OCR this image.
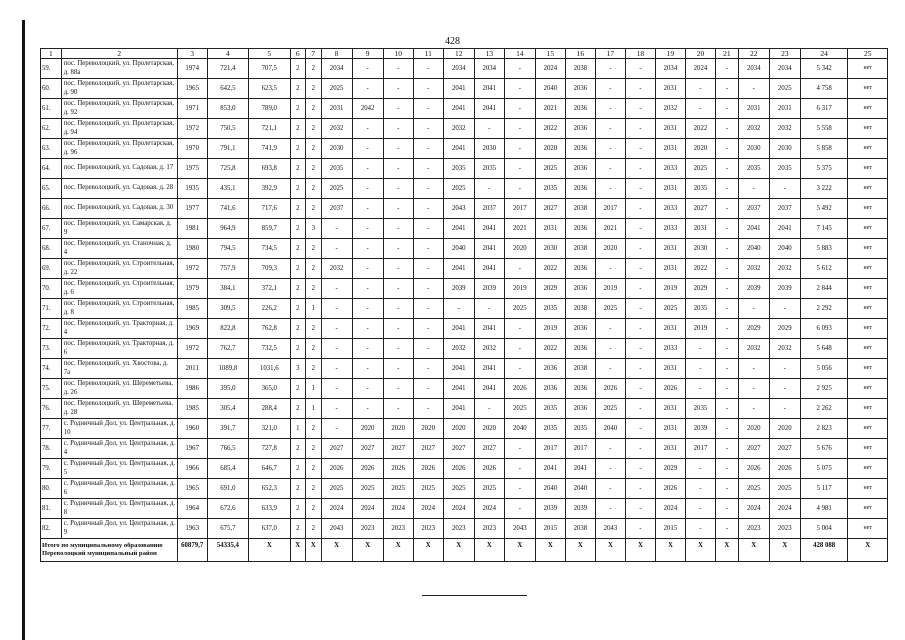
428
1	2	3	4	5	6	7	8	9	10	11	12	13	14	15	16	17	18	19	20	21	22	23	24	25
59.	пос. Переволоцкий, ул. Пролетарская, д. 88а	1974	721,4	707,5	2	2	2034	-	-	-	2034	2034	-	2024	2038	-	-	2034	2024	-	2034	2034	5 342	нет
60.	пос. Переволоцкий, ул. Пролетарская, д. 90	1965	642,5	623,5	2	2	2025	-	-	-	2041	2041	-	2040	2036	-	-	2031	-	-	-	2025	4 758	нет
61.	пос. Переволоцкий, ул. Пролетарская, д. 92	1971	853,0	789,0	2	2	2031	2042	-	-	2041	2041	-	2021	2036	-	-	2032	-	-	2031	2031	6 317	нет
62.	пос. Переволоцкий, ул. Пролетарская, д. 94	1972	750,5	721,1	2	2	2032	-	-	-	2032	-	-	2022	2036	-	-	2031	2022	-	2032	2032	5 558	нет
63.	пос. Переволоцкий, ул. Пролетарская, д. 96	1970	791,1	741,9	2	2	2030	-	-	-	2041	2030	-	2020	2036	-	-	2031	2020	-	2030	2030	5 858	нет
64.	пос. Переволоцкий, ул. Садовая, д. 17	1975	725,8	693,8	2	2	2035	-	-	-	2035	2035	-	2025	2036	-	-	2033	2025	-	2035	2035	5 375	нет
65.	пос. Переволоцкий, ул. Садовая, д. 28	1935	435,1	392,9	2	2	2025	-	-	-	2025	-	-	2035	2036	-	-	2031	2035	-	-	-	3 222	нет
66.	пос. Переволоцкий, ул. Садовая, д. 30	1977	741,6	717,6	2	2	2037	-	-	-	2043	2037	2017	2027	2038	2017	-	2033	2027	-	2037	2037	5 492	нет
67.	пос. Переволоцкий, ул. Самарская, д. 9	1981	964,9	859,7	2	3	-	-	-	-	2041	2041	2021	2031	2036	2021	-	2033	2031	-	2041	2041	7 145	нет
68.	пос. Переволоцкий, ул. Станочная, д. 4	1980	794,5	734,5	2	2	-	-	-	-	2040	2041	2020	2030	2038	2020	-	2031	2030	-	2040	2040	5 883	нет
69.	пос. Переволоцкий, ул. Строительная, д. 22	1972	757,9	709,3	2	2	2032	-	-	-	2041	2041	-	2022	2036	-	-	2031	2022	-	2032	2032	5 612	нет
70.	пос. Переволоцкий, ул. Строительная, д. 6	1979	384,1	372,1	2	2	-	-	-	-	2039	2039	2019	2029	2036	2019	-	2019	2029	-	2039	2039	2 844	нет
71.	пос. Переволоцкий, ул. Строительная, д. 8	1985	309,5	226,2	2	1	-	-	-	-	-	-	2025	2035	2038	2025	-	2025	2035	-	-	-	2 292	нет
72.	пос. Переволоцкий, ул. Тракторная, д. 4	1969	822,8	762,8	2	2	-	-	-	-	2041	2041	-	2019	2036	-	-	2031	2019	-	2029	2029	6 093	нет
73.	пос. Переволоцкий, ул. Тракторная, д. 6	1972	762,7	732,5	2	2	-	-	-	-	2032	2032	-	2022	2036	-	-	2033	-	-	2032	2032	5 648	нет
74.	пос. Переволоцкий, ул. Хвостова, д. 7а	2011	1089,8	1031,6	3	2	-	-	-	-	2041	2041	-	2036	2038	-	-	2031	-	-	-	-	5 056	нет
75.	пос. Переволоцкий, ул. Шереметьева, д. 26	1986	395,0	365,0	2	1	-	-	-	-	2041	2041	2026	2036	2036	2026	-	2026	-	-	-	-	2 925	нет
76.	пос. Переволоцкий, ул. Шереметьева, д. 28	1985	305,4	288,4	2	1	-	-	-	-	2041	-	2025	2035	2036	2025	-	2031	2035	-	-	-	2 262	нет
77.	с. Родничный Дол, ул. Центральная, д. 10	1960	391,7	321,0	1	2	-	2020	2020	2020	2020	2020	2040	2035	2035	2040	-	2031	2039	-	2020	2020	2 823	нет
78.	с. Родничный Дол, ул. Центральная, д. 4	1967	766,5	727,8	2	2	2027	2027	2027	2027	2027	2027	-	2017	2017	-	-	2031	2017	-	2027	2027	5 676	нет
79.	с. Родничный Дол, ул. Центральная, д. 5	1966	685,4	646,7	2	2	2026	2026	2026	2026	2026	2026	-	2041	2041	-	-	2029	-	-	2026	2026	5 075	нет
80.	с. Родничный Дол, ул. Центральная, д. 6	1965	691,0	652,3	2	2	2025	2025	2025	2025	2025	2025	-	2040	2040	-	-	2026	-	-	2025	2025	5 117	нет
81.	с. Родничный Дол, ул. Центральная, д. 8	1964	672,6	633,9	2	2	2024	2024	2024	2024	2024	2024	-	2039	2039	-	-	2024	-	-	2024	2024	4 981	нет
82.	с. Родничный Дол, ул. Центральная, д. 9	1963	675,7	637,0	2	2	2043	2023	2023	2023	2023	2023	2043	2015	2038	2043	-	2015	-	-	2023	2023	5 004	нет
Итого по муниципальному образованию Переволоцкий муниципальный район		60879,7	54335,4	X	X	X	X	X	X	X	X	X	X	X	X	X	X	X	X	X	X	X	428 088	X
